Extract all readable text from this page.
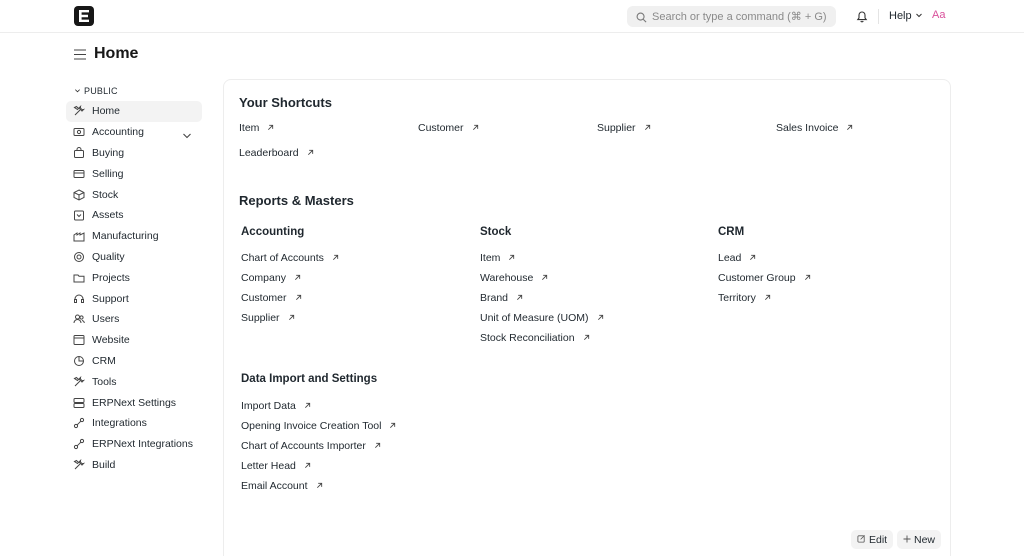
Search or type a command (⌘ + G)	Help Aa
Home
PUBLIC
Home
Accounting
Buying
Selling
Stock
Assets
Manufacturing
Quality
Projects
Support
Users
Website
CRM
Tools
ERPNext Settings
Integrations
ERPNext Integrations
Build
Your Shortcuts
Item	Customer	Supplier	Sales Invoice
Leaderboard
Reports & Masters
Accounting
Chart of Accounts
Company
Customer
Supplier
Stock
Item
Warehouse
Brand
Unit of Measure (UOM)
Stock Reconciliation
CRM
Lead
Customer Group
Territory
Data Import and Settings
Import Data
Opening Invoice Creation Tool
Chart of Accounts Importer
Letter Head
Email Account
Edit	New
